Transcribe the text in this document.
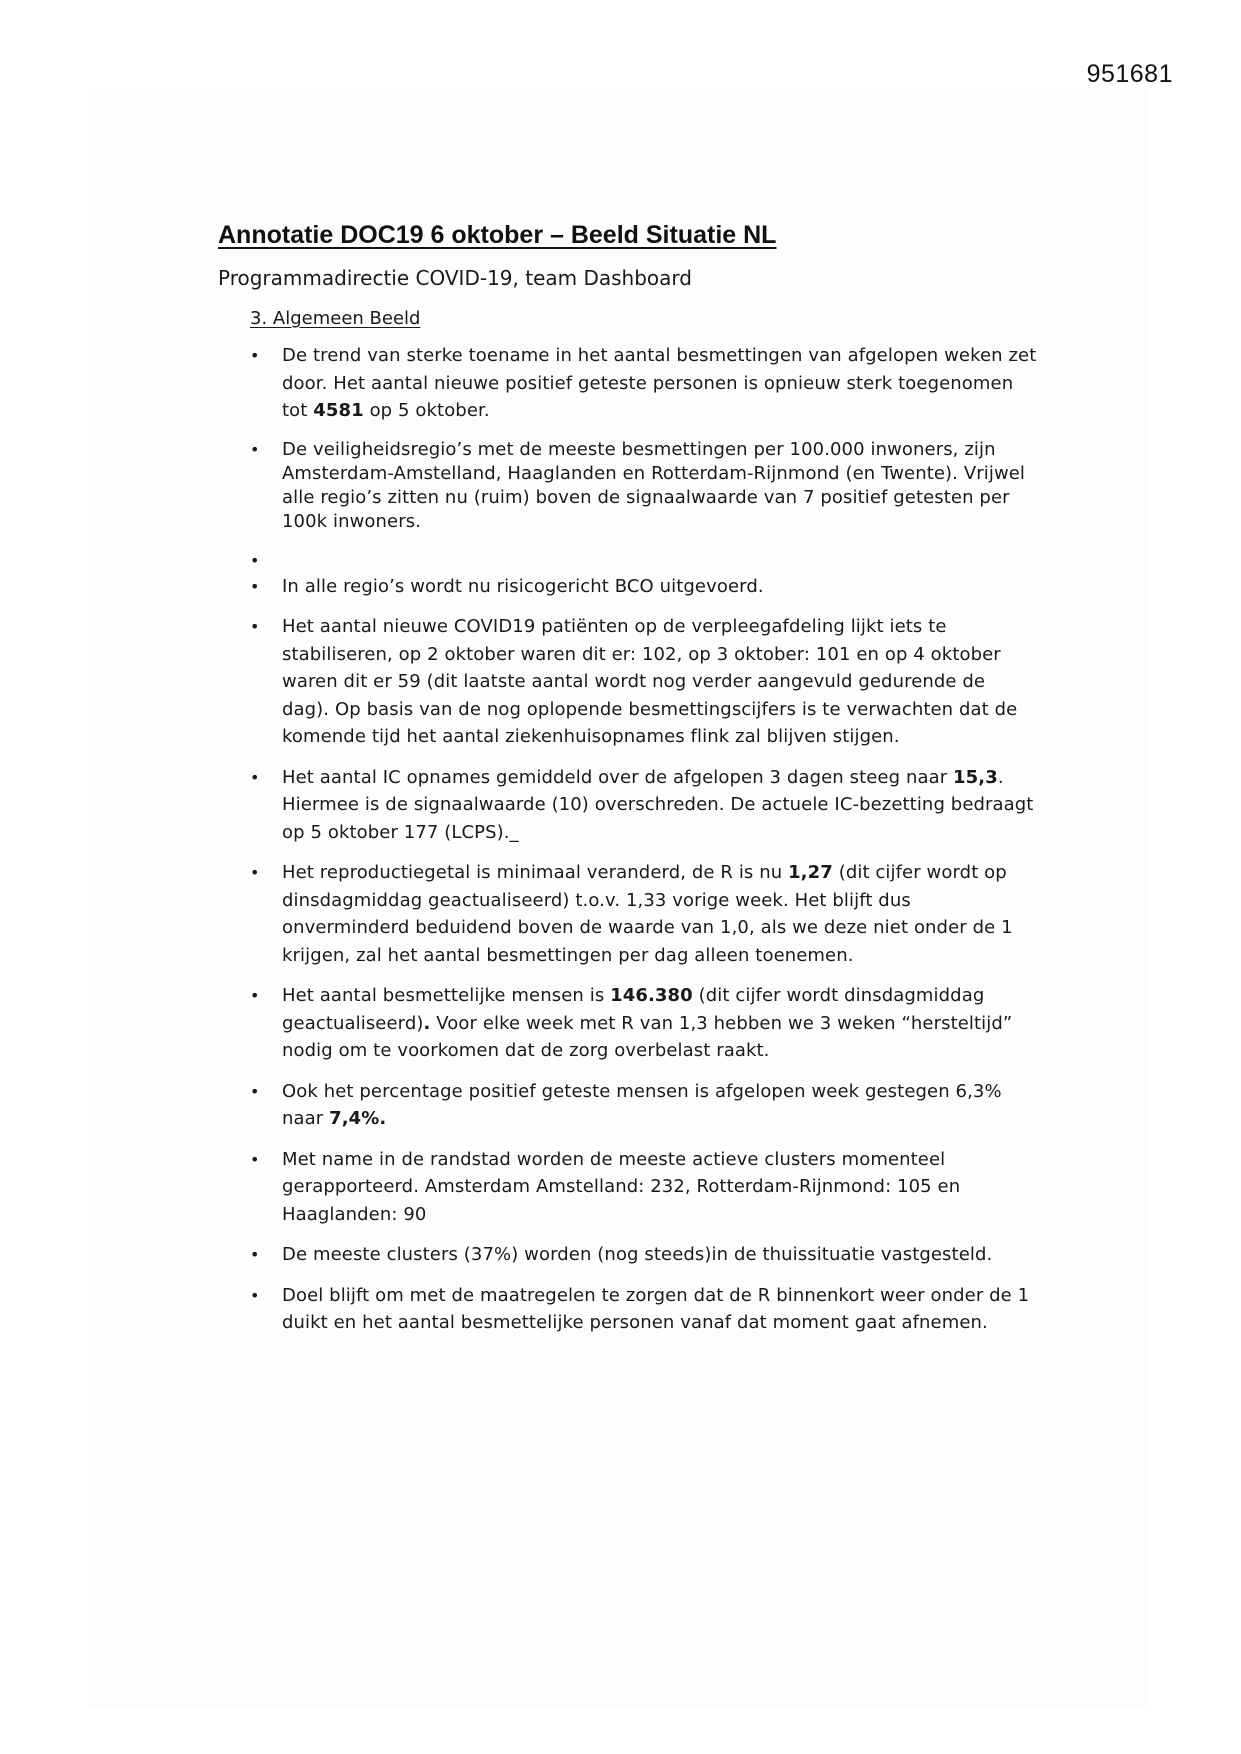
951681
Annotatie DOC19 6 oktober – Beeld Situatie NL

Programmadirectie COVID-19, team Dashboard

3. Algemeen Beeld
• De trend van sterke toename in het aantal besmettingen van afgelopen weken zet door. Het aantal nieuwe positief geteste personen is opnieuw sterk toegenomen tot 4581 op 5 oktober.
• De veiligheidsregio’s met de meeste besmettingen per 100.000 inwoners, zijn Amsterdam-Amstelland, Haaglanden en Rotterdam-Rijnmond (en Twente). Vrijwel alle regio’s zitten nu (ruim) boven de signaalwaarde van 7 positief getesten per 100k inwoners.
•
• In alle regio’s wordt nu risicogericht BCO uitgevoerd.
• Het aantal nieuwe COVID19 patiënten op de verpleegafdeling lijkt iets te stabiliseren, op 2 oktober waren dit er: 102, op 3 oktober: 101 en op 4 oktober waren dit er 59 (dit laatste aantal wordt nog verder aangevuld gedurende de dag). Op basis van de nog oplopende besmettingscijfers is te verwachten dat de komende tijd het aantal ziekenhuisopnames flink zal blijven stijgen.
• Het aantal IC opnames gemiddeld over de afgelopen 3 dagen steeg naar 15,3. Hiermee is de signaalwaarde (10) overschreden. De actuele IC-bezetting bedraagt op 5 oktober 177 (LCPS)._
• Het reproductiegetal is minimaal veranderd, de R is nu 1,27 (dit cijfer wordt op dinsdagmiddag geactualiseerd) t.o.v. 1,33 vorige week. Het blijft dus onverminderd beduidend boven de waarde van 1,0, als we deze niet onder de 1 krijgen, zal het aantal besmettingen per dag alleen toenemen.
• Het aantal besmettelijke mensen is 146.380 (dit cijfer wordt dinsdagmiddag geactualiseerd). Voor elke week met R van 1,3 hebben we 3 weken “hersteltijd” nodig om te voorkomen dat de zorg overbelast raakt.
• Ook het percentage positief geteste mensen is afgelopen week gestegen 6,3% naar 7,4%.
• Met name in de randstad worden de meeste actieve clusters momenteel gerapporteerd. Amsterdam Amstelland: 232, Rotterdam-Rijnmond: 105 en Haaglanden: 90
• De meeste clusters (37%) worden (nog steeds)in de thuissituatie vastgesteld.
• Doel blijft om met de maatregelen te zorgen dat de R binnenkort weer onder de 1 duikt en het aantal besmettelijke personen vanaf dat moment gaat afnemen.
